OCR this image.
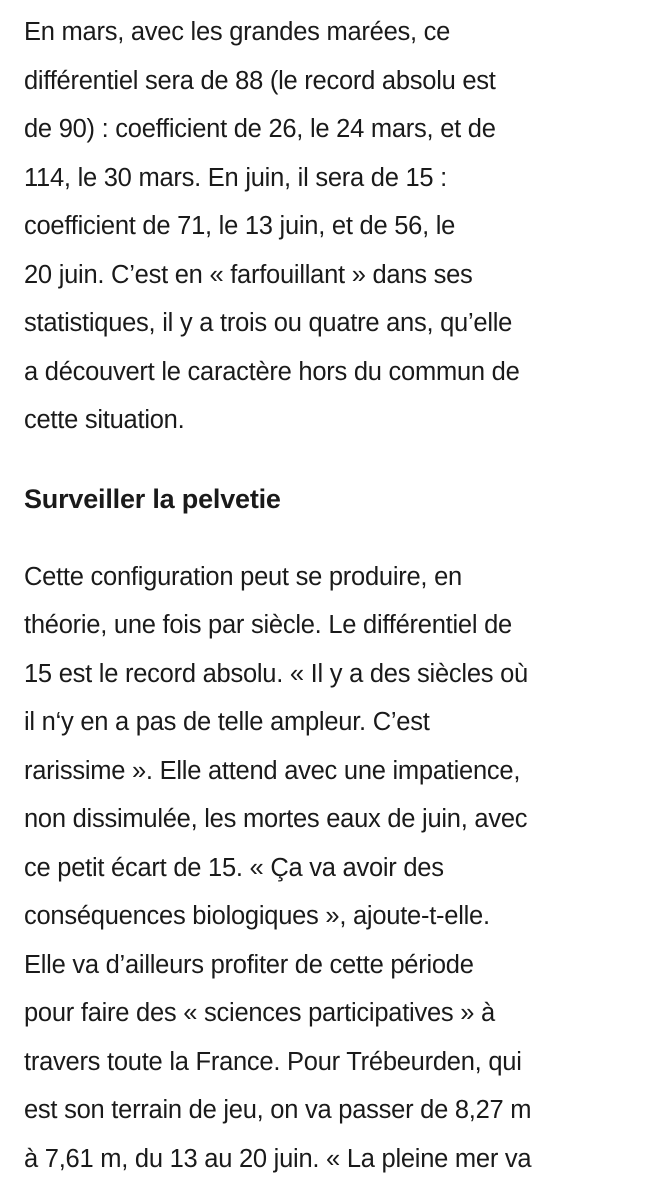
En mars, avec les grandes marées, ce
différentiel sera de 88 (le record absolu est
de 90) : coefficient de 26, le 24 mars, et de
114, le 30 mars. En juin, il sera de 15 :
coefficient de 71, le 13 juin, et de 56, le
20 juin. C’est en « farfouillant » dans ses
statistiques, il y a trois ou quatre ans, qu’elle
a découvert le caractère hors du commun de
cette situation.

Surveiller la pelvetie

Cette configuration peut se produire, en
théorie, une fois par siècle. Le différentiel de
15 est le record absolu. « Il y a des siècles où
il n‘y en a pas de telle ampleur. C’est
rarissime ». Elle attend avec une impatience,
non dissimulée, les mortes eaux de juin, avec
ce petit écart de 15. « Ça va avoir des
conséquences biologiques », ajoute-t-elle.
Elle va d’ailleurs profiter de cette période
pour faire des « sciences participatives » à
travers toute la France. Pour Trébeurden, qui
est son terrain de jeu, on va passer de 8,27 m
à 7,61 m, du 13 au 20 juin. « La pleine mer va
